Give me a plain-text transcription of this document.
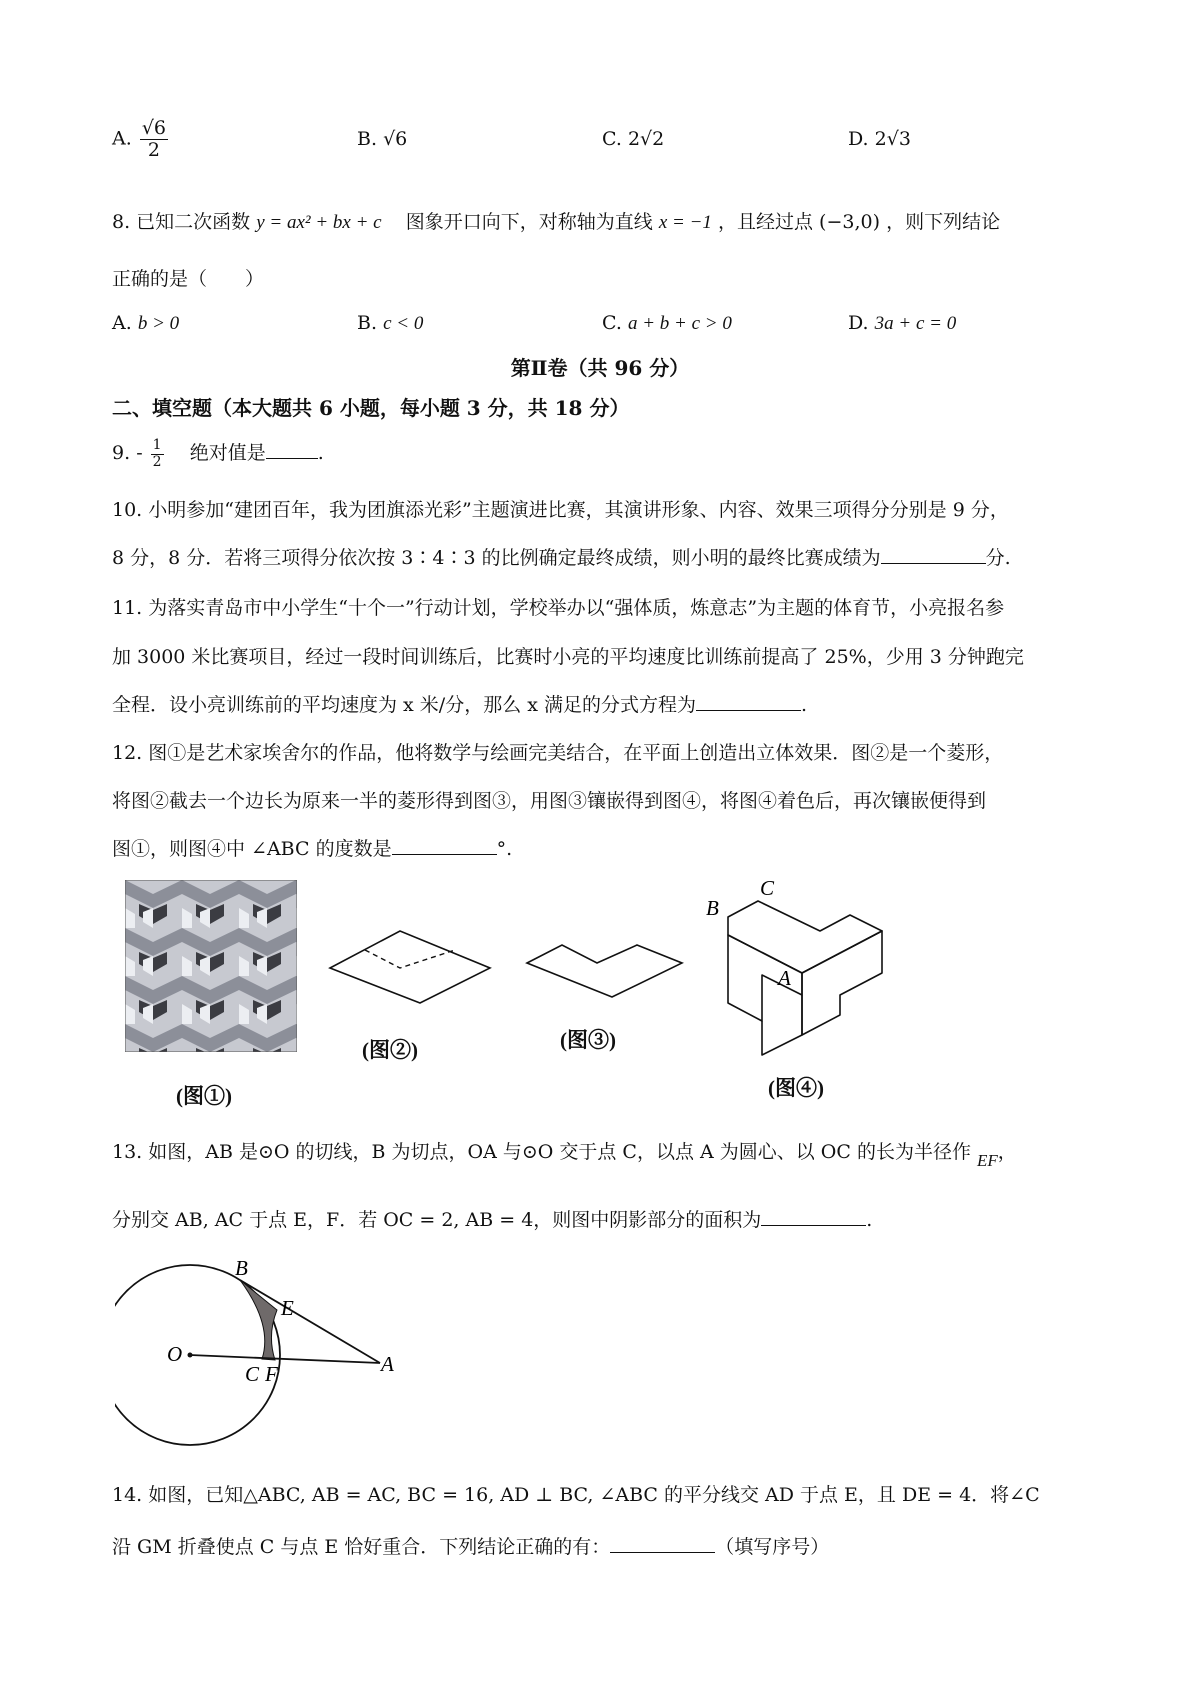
A. $\frac{√6}{2}$	B. √6	C. 2√2	D. 2√3
8. 已知二次函数 y = ax² + bx + c 图象开口向下，对称轴为直线 x = −1 ，且经过点 (−3,0) ，则下列结论
正确的是（　　）
A. b > 0	B. c < 0	C. a + b + c > 0	D. 3a + c = 0
第Ⅱ卷（共 96 分）
二、填空题（本大题共 6 小题，每小题 3 分，共 18 分）
9. - $\frac{1}{2}$ 绝对值是	.
10. 小明参加“建团百年，我为团旗添光彩”主题演进比赛，其演讲形象、内容、效果三项得分分别是 9 分，
8 分，8 分．若将三项得分依次按 3∶4∶3 的比例确定最终成绩，则小明的最终比赛成绩为	分.
11. 为落实青岛市中小学生“十个一”行动计划，学校举办以“强体质，炼意志”为主题的体育节，小亮报名参
加 3000 米比赛项目，经过一段时间训练后，比赛时小亮的平均速度比训练前提高了 25%，少用 3 分钟跑完
全程．设小亮训练前的平均速度为 x 米/分，那么 x 满足的分式方程为	.
12. 图①是艺术家埃舍尔的作品，他将数学与绘画完美结合，在平面上创造出立体效果．图②是一个菱形，
将图②截去一个边长为原来一半的菱形得到图③，用图③镶嵌得到图④，将图④着色后，再次镶嵌便得到
图①，则图④中 ∠ABC 的度数是	°.
(图①)
(图②)	(图③)
B
C
A
(图④)
13. 如图，AB 是⊙O 的切线，B 为切点，OA 与⊙O 交于点 C，以点 A 为圆心、以 OC 的长为半径作 EF，
分别交 AB, AC 于点 E，F．若 OC = 2, AB = 4，则图中阴影部分的面积为	.
B
E
O
C F	A
14. 如图，已知△ABC, AB = AC, BC = 16, AD ⊥ BC, ∠ABC 的平分线交 AD 于点 E，且 DE = 4．将∠C
沿 GM 折叠使点 C 与点 E 恰好重合．下列结论正确的有：	（填写序号）
